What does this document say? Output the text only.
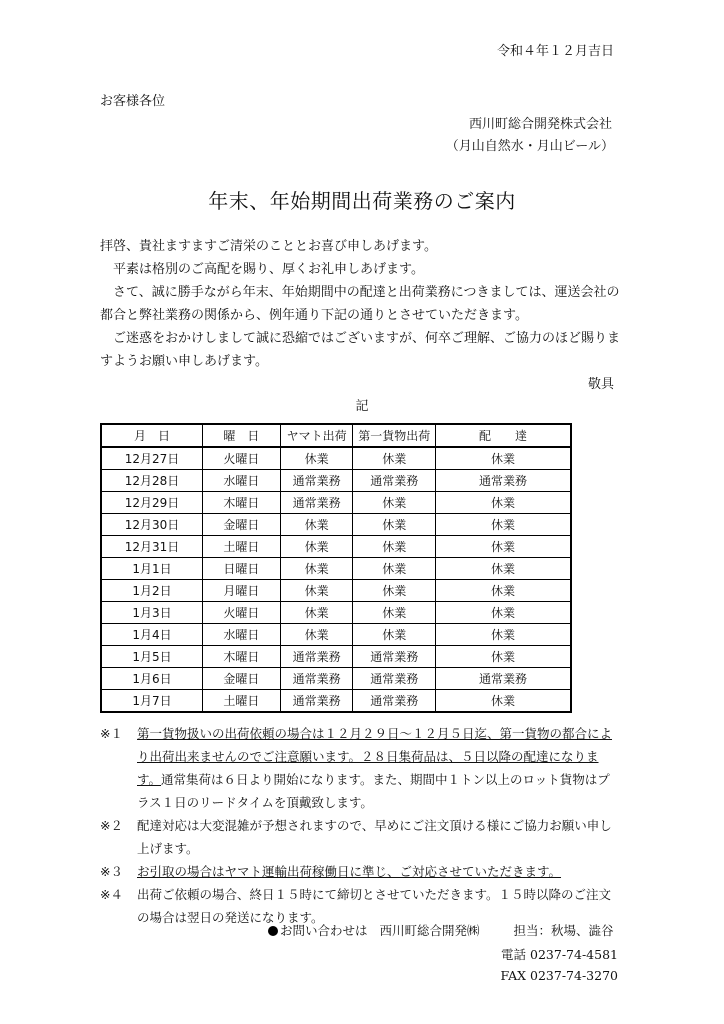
令和４年１２月吉日
お客様各位
西川町総合開発株式会社
（月山自然水・月山ビール）
年末、年始期間出荷業務のご案内
拝啓、貴社ますますご清栄のこととお喜び申しあげます。
平素は格別のご高配を賜り、厚くお礼申しあげます。
さて、誠に勝手ながら年末、年始期間中の配達と出荷業務につきましては、運送会社の都合と弊社業務の関係から、例年通り下記の通りとさせていただきます。
ご迷惑をおかけしまして誠に恐縮ではございますが、何卒ご理解、ご協力のほど賜りますようお願い申しあげます。
敬具
記
月　日	曜　日	ヤマト出荷	第一貨物出荷	配　　達
12月27日	火曜日	休業	休業	休業
12月28日	水曜日	通常業務	通常業務	通常業務
12月29日	木曜日	通常業務	休業	休業
12月30日	金曜日	休業	休業	休業
12月31日	土曜日	休業	休業	休業
1月1日	日曜日	休業	休業	休業
1月2日	月曜日	休業	休業	休業
1月3日	火曜日	休業	休業	休業
1月4日	水曜日	休業	休業	休業
1月5日	木曜日	通常業務	通常業務	休業
1月6日	金曜日	通常業務	通常業務	通常業務
1月7日	土曜日	通常業務	通常業務	休業
※１ 第一貨物扱いの出荷依頼の場合は１２月２９日～１２月５日迄、第一貨物の都合により出荷出来ませんのでご注意願います。２８日集荷品は、５日以降の配達になります。通常集荷は６日より開始になります。また、期間中１トン以上のロット貨物はプラス１日のリードタイムを頂戴致します。
※２ 配達対応は大変混雑が予想されますので、早めにご注文頂ける様にご協力お願い申し上げます。
※３ お引取の場合はヤマト運輸出荷稼働日に準じ、ご対応させていただきます。
※４ 出荷ご依頼の場合、終日１５時にて締切とさせていただきます。１５時以降のご注文の場合は翌日の発送になります。
お問い合わせは 西川町総合開発㈱	担当：秋場、澁谷
電話 0237-74-4581
FAX 0237-74-3270
